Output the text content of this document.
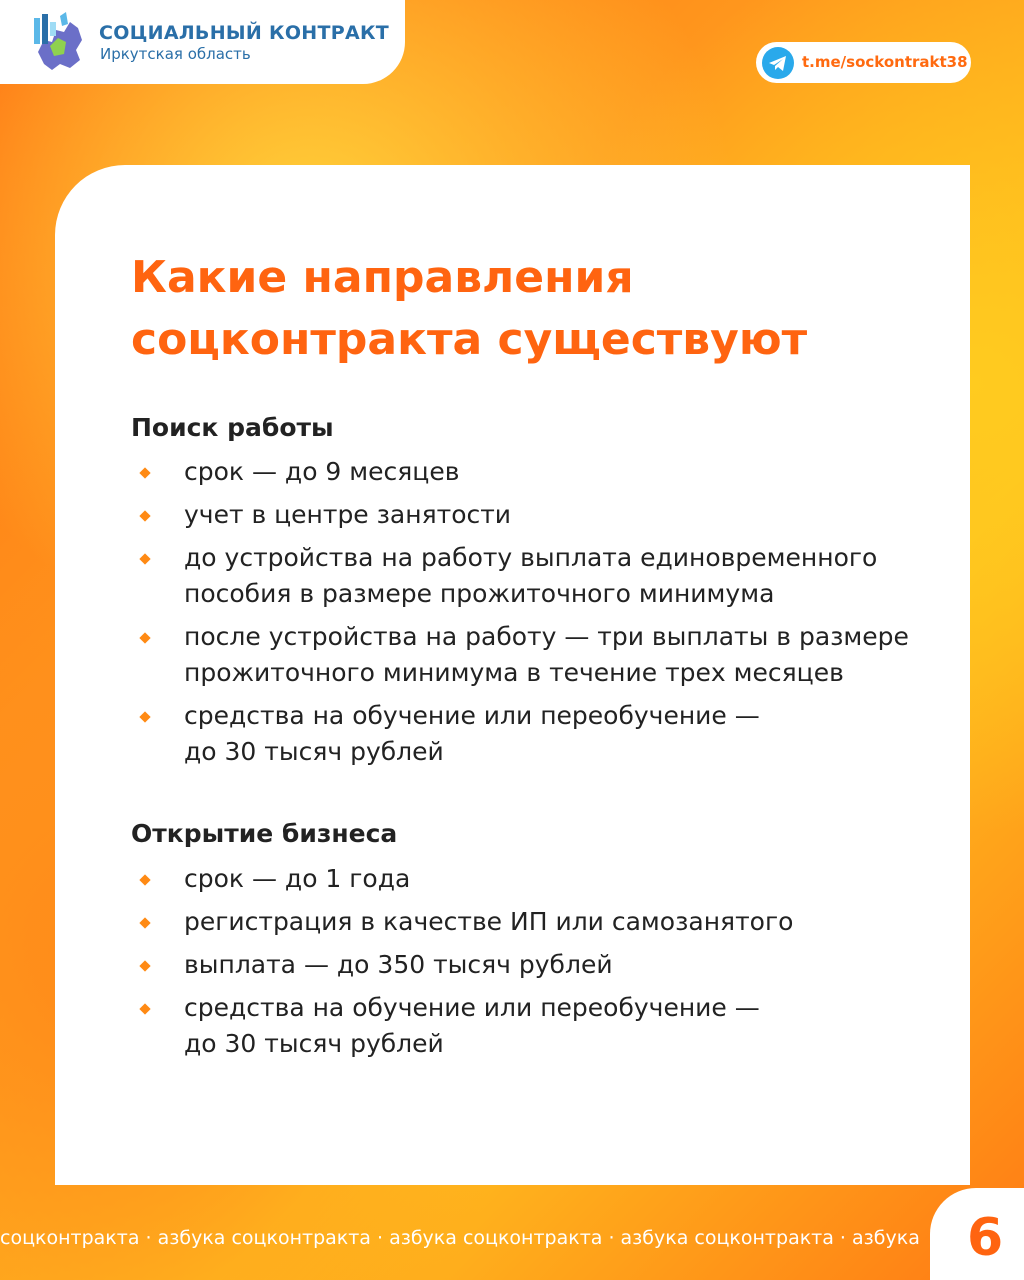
СОЦИАЛЬНЫЙ КОНТРАКТ
Иркутская область	t.me/sockontrakt38
Какие направления
соцконтракта существуют
Поиск работы
срок — до 9 месяцев
учет в центре занятости
до устройства на работу выплата единовременного пособия в размере прожиточного минимума
после устройства на работу — три выплаты в размере прожиточного минимума в течение трех месяцев
средства на обучение или переобучение — до 30 тысяч рублей
Открытие бизнеса
срок — до 1 года
регистрация в качестве ИП или самозанятого
выплата — до 350 тысяч рублей
средства на обучение или переобучение — до 30 тысяч рублей
соцконтракта · азбука соцконтракта · азбука соцконтракта · азбука соцконтракта · азбука 6
